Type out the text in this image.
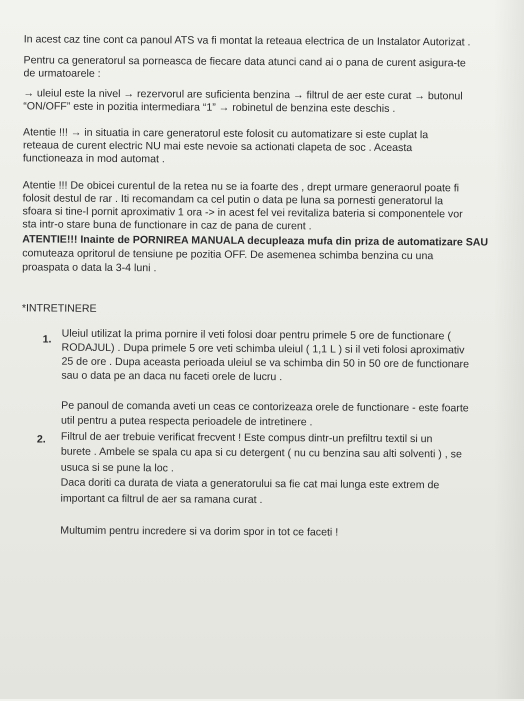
In acest caz tine cont ca panoul ATS va fi montat la reteaua electrica de un Instalator Autorizat .
Pentru ca generatorul sa porneasca de fiecare data atunci cand ai o pana de curent asigura-te
de urmatoarele :
→ uleiul este la nivel → rezervorul are suficienta benzina → filtrul de aer este curat → butonul
“ON/OFF” este in pozitia intermediara “1” → robinetul de benzina este deschis .
Atentie !!! → in situatia in care generatorul este folosit cu automatizare si este cuplat la
reteaua de curent electric NU mai este nevoie sa actionati clapeta de soc . Aceasta
functioneaza in mod automat .
Atentie !!! De obicei curentul de la retea nu se ia foarte des , drept urmare generaorul poate fi
folosit destul de rar . Iti recomandam ca cel putin o data pe luna sa pornesti generatorul la
sfoara si tine-l pornit aproximativ 1 ora -> in acest fel vei revitaliza bateria si componentele vor
sta intr-o stare buna de functionare in caz de pana de curent .
ATENTIE!!! Inainte de PORNIREA MANUALA decupleaza mufa din priza de automatizare SAU
comuteaza opritorul de tensiune pe pozitia OFF. De asemenea schimba benzina cu una
proaspata o data la 3-4 luni .
*INTRETINERE
1. Uleiul utilizat la prima pornire il veti folosi doar pentru primele 5 ore de functionare (
RODAJUL) . Dupa primele 5 ore veti schimba uleiul ( 1,1 L ) si il veti folosi aproximativ
25 de ore . Dupa aceasta perioada uleiul se va schimba din 50 in 50 ore de functionare
sau o data pe an daca nu faceti orele de lucru .
Pe panoul de comanda aveti un ceas ce contorizeaza orele de functionare - este foarte
util pentru a putea respecta perioadele de intretinere .
2. Filtrul de aer trebuie verificat frecvent ! Este compus dintr-un prefiltru textil si un
burete . Ambele se spala cu apa si cu detergent ( nu cu benzina sau alti solventi ) , se
usuca si se pune la loc .
Daca doriti ca durata de viata a generatorului sa fie cat mai lunga este extrem de
important ca filtrul de aer sa ramana curat .
Multumim pentru incredere si va dorim spor in tot ce faceti !
